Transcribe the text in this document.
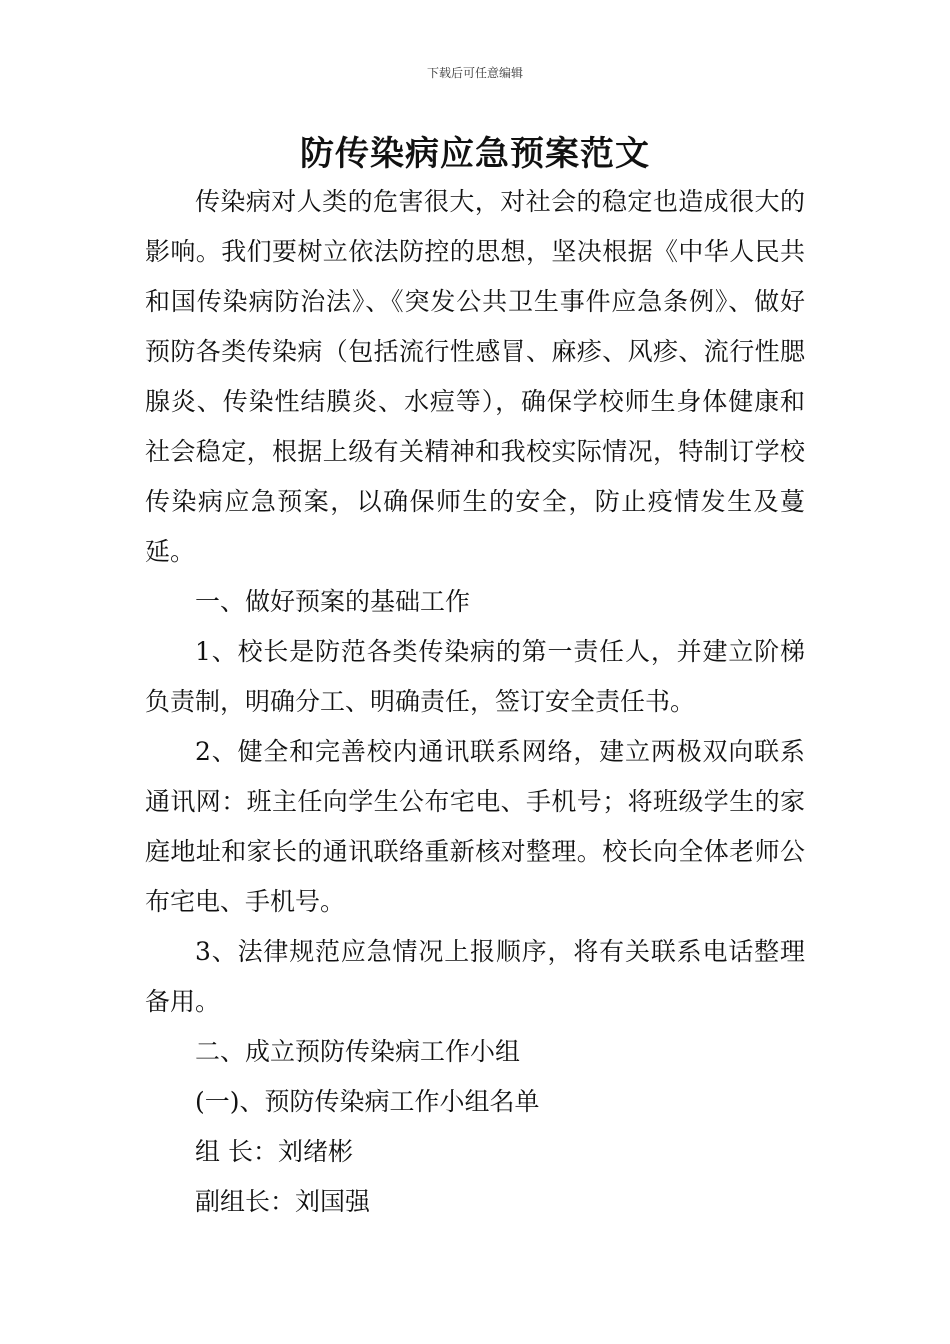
下载后可任意编辑
防传染病应急预案范文

传染病对人类的危害很大，对社会的稳定也造成很大的影响。我们要树立依法防控的思想，坚决根据《中华人民共和国传染病防治法》、《突发公共卫生事件应急条例》、做好预防各类传染病（包括流行性感冒、麻疹、风疹、流行性腮腺炎、传染性结膜炎、水痘等），确保学校师生身体健康和社会稳定，根据上级有关精神和我校实际情况，特制订学校传染病应急预案，以确保师生的安全，防止疫情发生及蔓延。

一、做好预案的基础工作

1、校长是防范各类传染病的第一责任人，并建立阶梯负责制，明确分工、明确责任，签订安全责任书。

2、健全和完善校内通讯联系网络，建立两极双向联系通讯网：班主任向学生公布宅电、手机号；将班级学生的家庭地址和家长的通讯联络重新核对整理。校长向全体老师公布宅电、手机号。

3、法律规范应急情况上报顺序，将有关联系电话整理备用。

二、成立预防传染病工作小组

(一)、预防传染病工作小组名单

组 长：刘绪彬

副组长：刘国强
